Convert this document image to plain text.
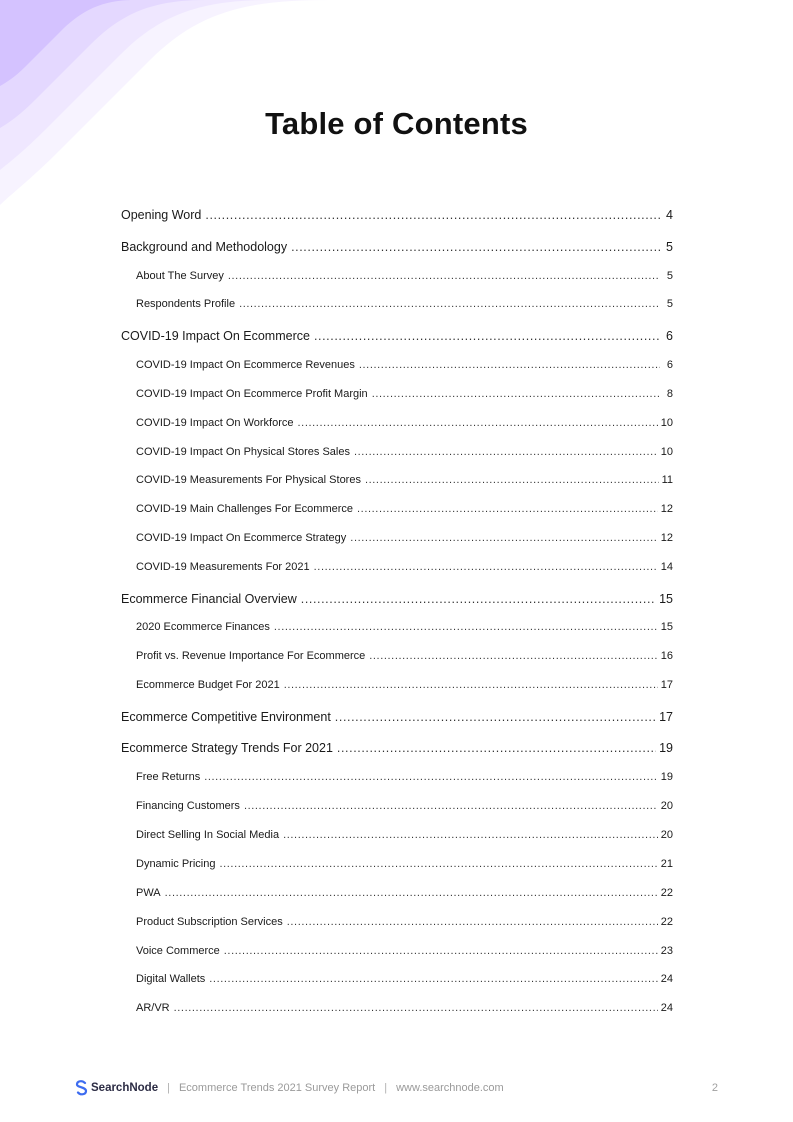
Table of Contents
Opening Word .....	4
Background and Methodology .....	5
About The Survey .....	5
Respondents Profile .....	5
COVID-19 Impact On Ecommerce .....	6
COVID-19 Impact On Ecommerce Revenues .....	6
COVID-19 Impact On Ecommerce Profit Margin .....	8
COVID-19 Impact On Workforce .....	10
COVID-19 Impact On Physical Stores Sales .....	10
COVID-19 Measurements For Physical Stores .....	11
COVID-19 Main Challenges For Ecommerce .....	12
COVID-19 Impact On Ecommerce Strategy .....	12
COVID-19 Measurements For 2021 .....	14
Ecommerce Financial Overview .....	15
2020 Ecommerce Finances .....	15
Profit vs. Revenue Importance For Ecommerce .....	16
Ecommerce Budget For 2021 .....	17
Ecommerce Competitive Environment .....	17
Ecommerce Strategy Trends For 2021 .....	19
Free Returns .....	19
Financing Customers .....	20
Direct Selling In Social Media .....	20
Dynamic Pricing .....	21
PWA .....	22
Product Subscription Services .....	22
Voice Commerce .....	23
Digital Wallets .....	24
AR/VR .....	24
SearchNode | Ecommerce Trends 2021 Survey Report | www.searchnode.com	2
